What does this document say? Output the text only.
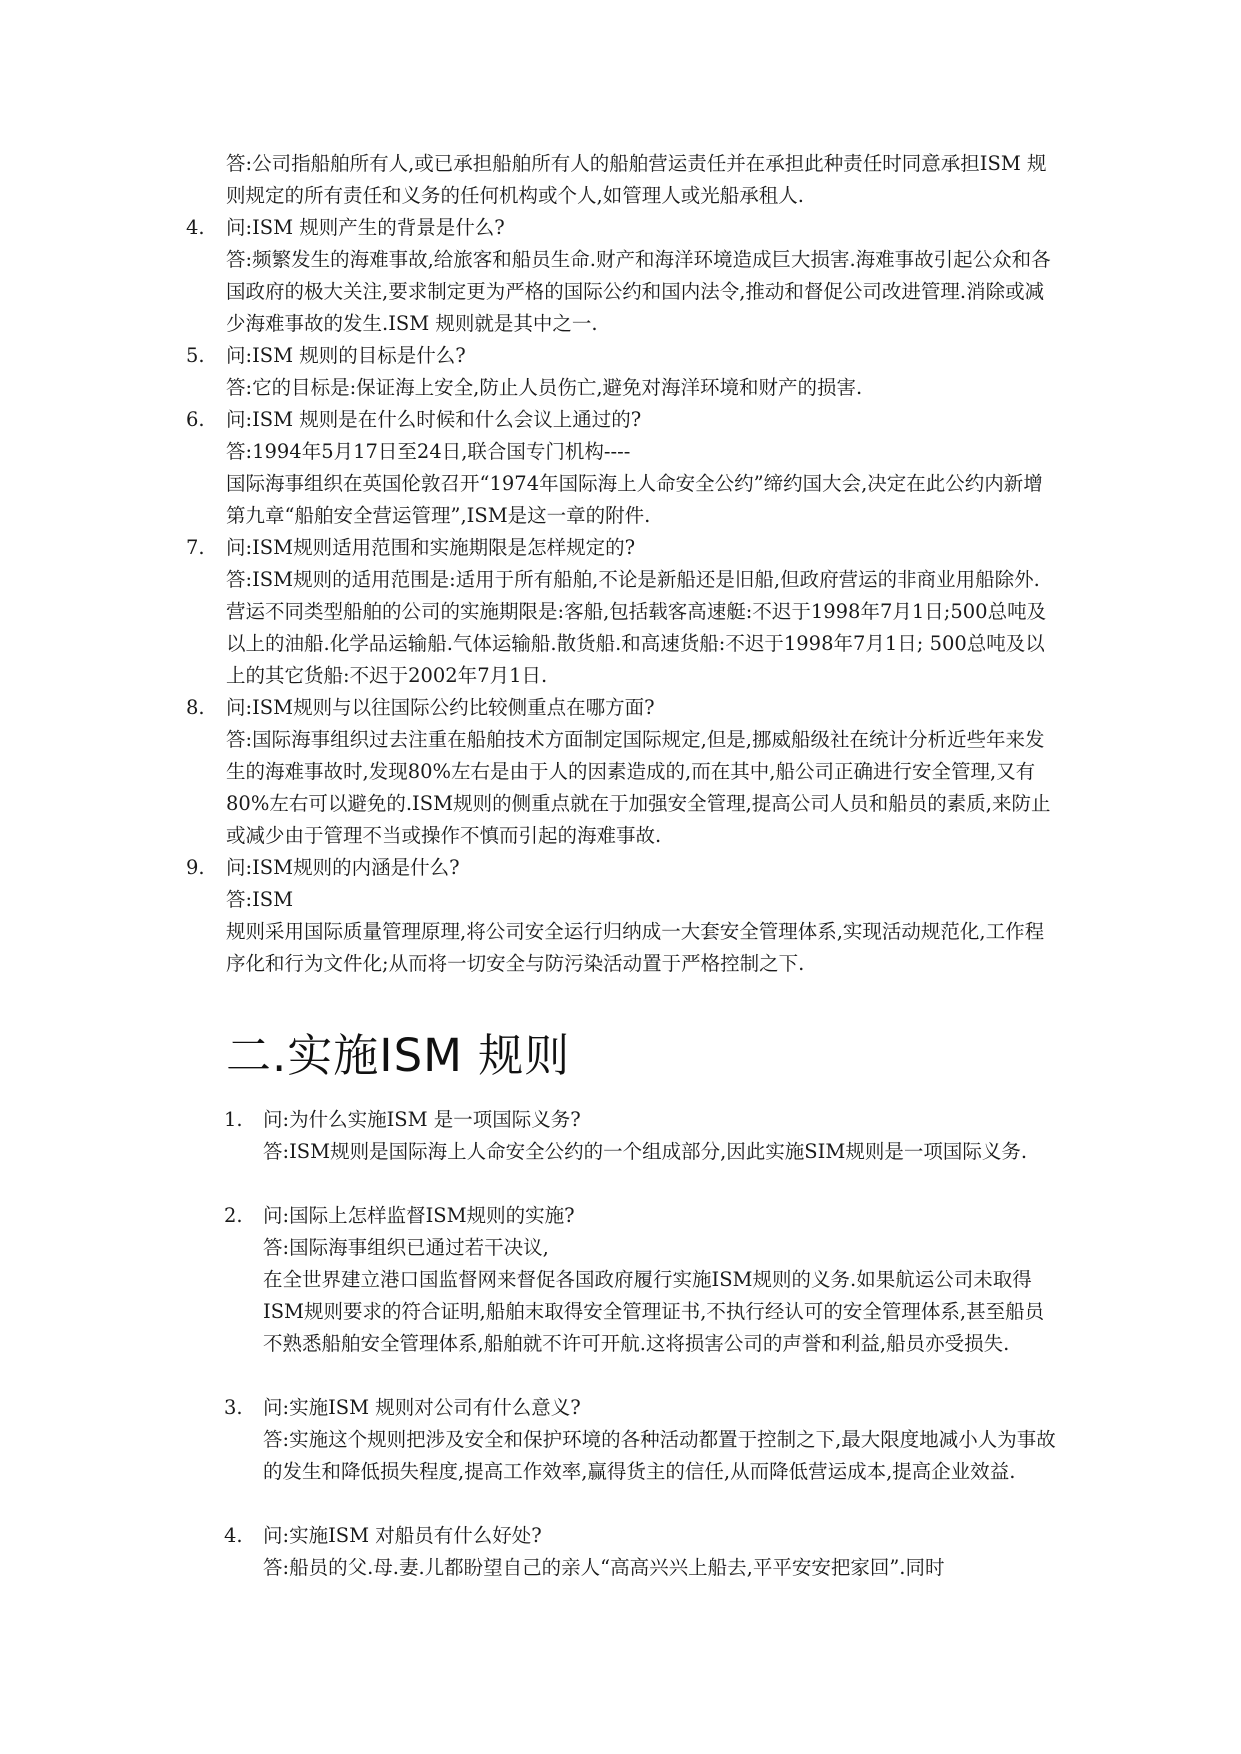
答:公司指船舶所有人,或已承担船舶所有人的船舶营运责任并在承担此种责任时同意承担ISM 规则规定的所有责任和义务的任何机构或个人,如管理人或光船承租人.
4. 问:ISM 规则产生的背景是什么?
答:频繁发生的海难事故,给旅客和船员生命.财产和海洋环境造成巨大损害.海难事故引起公众和各国政府的极大关注,要求制定更为严格的国际公约和国内法令,推动和督促公司改进管理.消除或减少海难事故的发生.ISM 规则就是其中之一.
5. 问:ISM 规则的目标是什么?
答:它的目标是:保证海上安全,防止人员伤亡,避免对海洋环境和财产的损害.
6. 问:ISM 规则是在什么时候和什么会议上通过的?
答:1994年5月17日至24日,联合国专门机构----
国际海事组织在英国伦敦召开“1974年国际海上人命安全公约”缔约国大会,决定在此公约内新增第九章“船舶安全营运管理”,ISM是这一章的附件.
7. 问:ISM规则适用范围和实施期限是怎样规定的?
答:ISM规则的适用范围是:适用于所有船舶,不论是新船还是旧船,但政府营运的非商业用船除外.营运不同类型船舶的公司的实施期限是:客船,包括载客高速艇:不迟于1998年7月1日;500总吨及以上的油船.化学品运输船.气体运输船.散货船.和高速货船:不迟于1998年7月1日; 500总吨及以上的其它货船:不迟于2002年7月1日.
8. 问:ISM规则与以往国际公约比较侧重点在哪方面?
答:国际海事组织过去注重在船舶技术方面制定国际规定,但是,挪威船级社在统计分析近些年来发生的海难事故时,发现80%左右是由于人的因素造成的,而在其中,船公司正确进行安全管理,又有80%左右可以避免的.ISM规则的侧重点就在于加强安全管理,提高公司人员和船员的素质,来防止或减少由于管理不当或操作不慎而引起的海难事故.
9. 问:ISM规则的内涵是什么?
答:ISM
规则采用国际质量管理原理,将公司安全运行归纳成一大套安全管理体系,实现活动规范化,工作程序化和行为文件化;从而将一切安全与防污染活动置于严格控制之下.
二.实施ISM 规则
1. 问:为什么实施ISM 是一项国际义务?
答:ISM规则是国际海上人命安全公约的一个组成部分,因此实施SIM规则是一项国际义务.
2. 问:国际上怎样监督ISM规则的实施?
答:国际海事组织已通过若干决议,
在全世界建立港口国监督网来督促各国政府履行实施ISM规则的义务.如果航运公司未取得ISM规则要求的符合证明,船舶末取得安全管理证书,不执行经认可的安全管理体系,甚至船员不熟悉船舶安全管理体系,船舶就不许可开航.这将损害公司的声誉和利益,船员亦受损失.
3. 问:实施ISM 规则对公司有什么意义?
答:实施这个规则把涉及安全和保护环境的各种活动都置于控制之下,最大限度地减小人为事故的发生和降低损失程度,提高工作效率,赢得货主的信任,从而降低营运成本,提高企业效益.
4. 问:实施ISM 对船员有什么好处?
答:船员的父.母.妻.儿都盼望自己的亲人“高高兴兴上船去,平平安安把家回”.同时
